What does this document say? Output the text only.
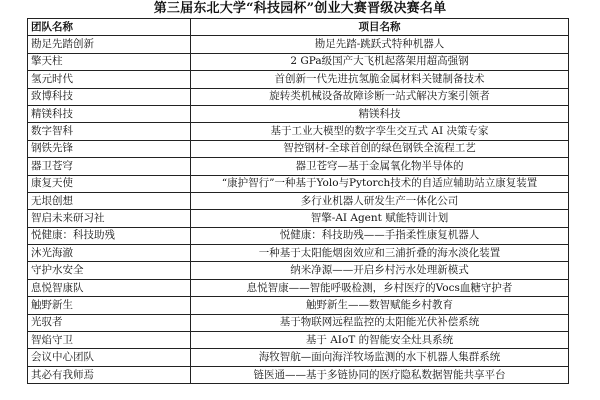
第三届东北大学“科技园杯”创业大赛晋级决赛名单
团队名称	项目名称
勘足先踏创新	勘足先踏-跳跃式特种机器人
擎天柱	2 GPa级国产大飞机起落架用超高强钢
氢元时代	首创新一代先进抗氢脆金属材料关键制备技术
致博科技	旋转类机械设备故障诊断一站式解决方案引领者
精镁科技	精镁科技
数字智科	基于工业大模型的数字孪生交互式 AI 决策专家
钢铁先锋	智控钢材-全球首创的绿色钢铁全流程工艺
器卫苍穹	器卫苍穹—基于金属氧化物半导体的
康复天使	“康护智行”一种基于Yolo与Pytorch技术的自适应辅助站立康复装置
无垠创想	多行业机器人研发生产一体化公司
智启未来研习社	智擎-AI Agent 赋能特训计划
悦健康：科技助残	悦健康：科技助残——手指柔性康复机器人
沐光海澈	一种基于太阳能烟囱效应和三浦折叠的海水淡化装置
守护水安全	纳米净源——开启乡村污水处理新模式
息悦智康队	息悦智康——智能呼吸检测，乡村医疗的Vocs血糖守护者
触野新生	触野新生——数智赋能乡村教育
光驭者	基于物联网远程监控的太阳能光伏补偿系统
智焰守卫	基于 AIoT 的智能安全灶具系统
会议中心团队	海牧智航—面向海洋牧场监测的水下机器人集群系统
其必有我师焉	链医通——基于多链协同的医疗隐私数据智能共享平台
